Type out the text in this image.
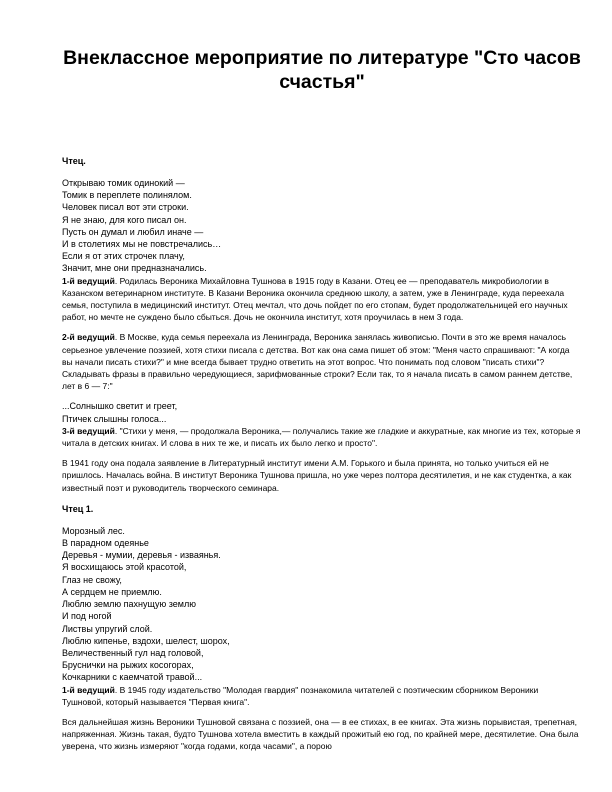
Внеклассное мероприятие по литературе "Сто часов счастья"
Чтец.
Открываю томик одинокий —
Томик в переплете полинялом.
Человек писал вот эти строки.
Я не знаю, для кого писал он.
Пусть он думал и любил иначе —
И в столетиях мы не повстречались…
Если я от этих строчек плачу,
Значит, мне они предназначались.

1-й ведущий. Родилась Вероника Михайловна Тушнова в 1915 году в Казани. Отец ее — преподаватель микробиологии в Казанском ветеринарном институте. В Казани Вероника окончила среднюю школу, а затем, уже в Ленинграде, куда переехала семья, поступила в медицинский институт. Отец мечтал, что дочь пойдет по его стопам, будет продолжательницей его научных работ, но мечте не суждено было сбыться. Дочь не окончила институт, хотя проучилась в нем 3 года.

2-й ведущий. В Москве, куда семья переехала из Ленинграда, Вероника занялась живописью. Почти в это же время началось серьезное увлечение поэзией, хотя стихи писала с детства. Вот как она сама пишет об этом: "Меня часто спрашивают: "А когда вы начали писать стихи?" и мне всегда бывает трудно ответить на этот вопрос. Что понимать под словом "писать стихи"? Складывать фразы в правильно чередующиеся, зарифмованные строки? Если так, то я начала писать в самом раннем детстве, лет в 6 — 7:"

...Солнышко светит и греет,
Птичек слышны голоса...

3-й ведущий. "Стихи у меня, — продолжала Вероника,— получались такие же гладкие и аккуратные, как многие из тех, которые я читала в детских книгах. И слова в них те же, и писать их было легко и просто".

В 1941 году она подала заявление в Литературный институт имени А.М. Горького и была принята, но только учиться ей не пришлось. Началась война. В институт Вероника Тушнова пришла, но уже через полтора десятилетия, и не как студентка, а как известный поэт и руководитель творческого семинара.

Чтец 1.
Морозный лес.
В парадном одеянье
Деревья - мумии, деревья - изваянья.
Я восхищаюсь этой красотой,
Глаз не свожу,
А сердцем не приемлю.
Люблю землю пахнущую землю
И под ногой
Листвы упругий слой.
Люблю кипенье, вздохи, шелест, шорох,
Величественный гул над головой,
Бруснички на рыжих косогорах,
Кочкарники с каемчатой травой...

1-й ведущий. В 1945 году издательство "Молодая гвардия" познакомила читателей с поэтическим сборником Вероники Тушновой, который называется "Первая книга".

Вся дальнейшая жизнь Вероники Тушновой связана с поэзией, она — в ее стихах, в ее книгах. Эта жизнь порывистая, трепетная, напряженная. Жизнь такая, будто Тушнова хотела вместить в каждый прожитый ею год, по крайней мере, десятилетие. Она была уверена, что жизнь измеряют "когда годами, когда часами", а порою
